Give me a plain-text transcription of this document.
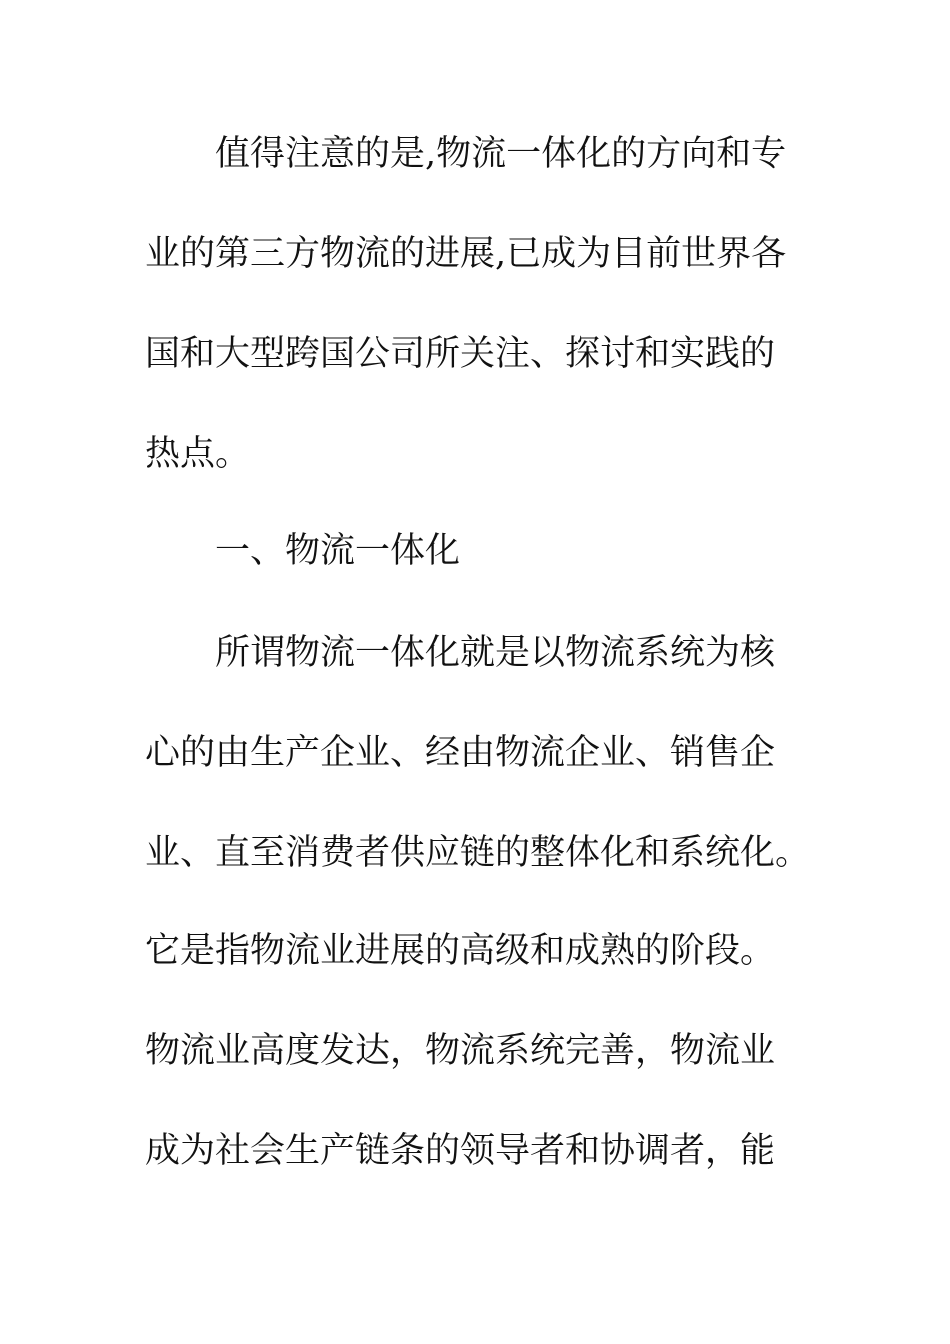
值得注意的是,物流一体化的方向和专
业的第三方物流的进展,已成为目前世界各
国和大型跨国公司所关注、探讨和实践的
热点。
一、物流一体化
所谓物流一体化就是以物流系统为核
心的由生产企业、经由物流企业、销售企
业、直至消费者供应链的整体化和系统化。
它是指物流业进展的高级和成熟的阶段。
物流业高度发达，物流系统完善，物流业
成为社会生产链条的领导者和协调者，能
